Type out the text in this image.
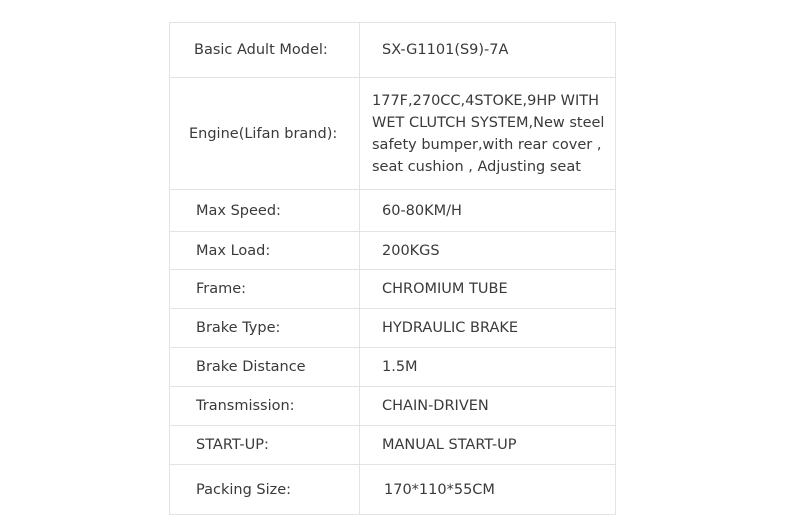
Basic Adult Model:	SX-G1101(S9)-7A

Engine(Lifan brand):	177F,270CC,4STOKE,9HP WITH WET CLUTCH SYSTEM,New steel safety bumper,with rear cover , seat cushion , Adjusting seat

Max Speed:	60-80KM/H

Max Load:	200KGS

Frame:	CHROMIUM TUBE

Brake Type:	HYDRAULIC BRAKE

Brake Distance	1.5M

Transmission:	CHAIN-DRIVEN

START-UP:	MANUAL START-UP

Packing Size:	170*110*55CM
